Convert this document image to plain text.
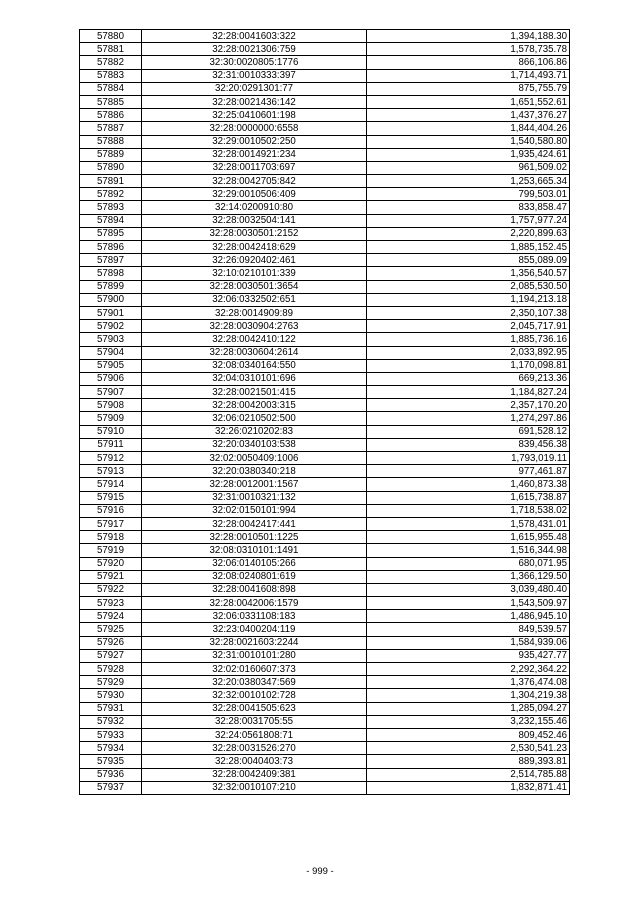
57880	32:28:0041603:322	1,394,188.30
57881	32:28:0021306:759	1,578,735.78
57882	32:30:0020805:1776	866,106.86
57883	32:31:0010333:397	1,714,493.71
57884	32:20:0291301:77	875,755.79
57885	32:28:0021436:142	1,651,552.61
57886	32:25:0410601:198	1,437,376.27
57887	32:28:0000000:6558	1,844,404.26
57888	32:29:0010502:250	1,540,580.80
57889	32:28:0014921:234	1,935,424.61
57890	32:28:0011703:697	961,509.02
57891	32:28:0042705:842	1,253,665.34
57892	32:29:0010506:409	799,503.01
57893	32:14:0200910:80	833,858.47
57894	32:28:0032504:141	1,757,977.24
57895	32:28:0030501:2152	2,220,899.63
57896	32:28:0042418:629	1,885,152.45
57897	32:26:0920402:461	855,089.09
57898	32:10:0210101:339	1,356,540.57
57899	32:28:0030501:3654	2,085,530.50
57900	32:06:0332502:651	1,194,213.18
57901	32:28:0014909:89	2,350,107.38
57902	32:28:0030904:2763	2,045,717.91
57903	32:28:0042410:122	1,885,736.16
57904	32:28:0030604:2614	2,033,892.95
57905	32:08:0340164:550	1,170,098.81
57906	32:04:0310101:696	669,213.36
57907	32:28:0021501:415	1,184,827.24
57908	32:28:0042003:315	2,357,170.20
57909	32:06:0210502:500	1,274,297.86
57910	32:26:0210202:83	691,528.12
57911	32:20:0340103:538	839,456.38
57912	32:02:0050409:1006	1,793,019.11
57913	32:20:0380340:218	977,461.87
57914	32:28:0012001:1567	1,460,873.38
57915	32:31:0010321:132	1,615,738.87
57916	32:02:0150101:994	1,718,538.02
57917	32:28:0042417:441	1,578,431.01
57918	32:28:0010501:1225	1,615,955.48
57919	32:08:0310101:1491	1,516,344.98
57920	32:06:0140105:266	680,071.95
57921	32:08:0240801:619	1,366,129.50
57922	32:28:0041608:898	3,039,480.40
57923	32:28:0042006:1579	1,543,509.97
57924	32:06:0331108:183	1,486,945.10
57925	32:23:0400204:119	849,539.57
57926	32:28:0021603:2244	1,584,939.06
57927	32:31:0010101:280	935,427.77
57928	32:02:0160607:373	2,292,364.22
57929	32:20:0380347:569	1,376,474.08
57930	32:32:0010102:728	1,304,219.38
57931	32:28:0041505:623	1,285,094.27
57932	32:28:0031705:55	3,232,155.46
57933	32:24:0561808:71	809,452.46
57934	32:28:0031526:270	2,530,541.23
57935	32:28:0040403:73	889,393.81
57936	32:28:0042409:381	2,514,785.88
57937	32:32:0010107:210	1,832,871.41
- 999 -
